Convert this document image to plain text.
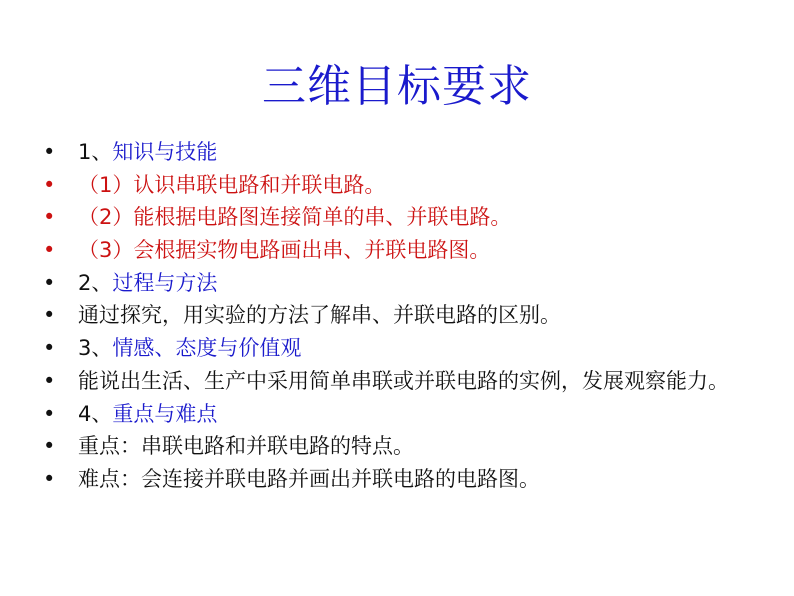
三维目标要求
• 1、知识与技能
• （1）认识串联电路和并联电路。
• （2）能根据电路图连接简单的串、并联电路。
• （3）会根据实物电路画出串、并联电路图。
• 2、过程与方法
• 通过探究，用实验的方法了解串、并联电路的区别。
• 3、情感、态度与价值观
• 能说出生活、生产中采用简单串联或并联电路的实例，发展观察能力。
• 4、重点与难点
• 重点：串联电路和并联电路的特点。
• 难点：会连接并联电路并画出并联电路的电路图。
